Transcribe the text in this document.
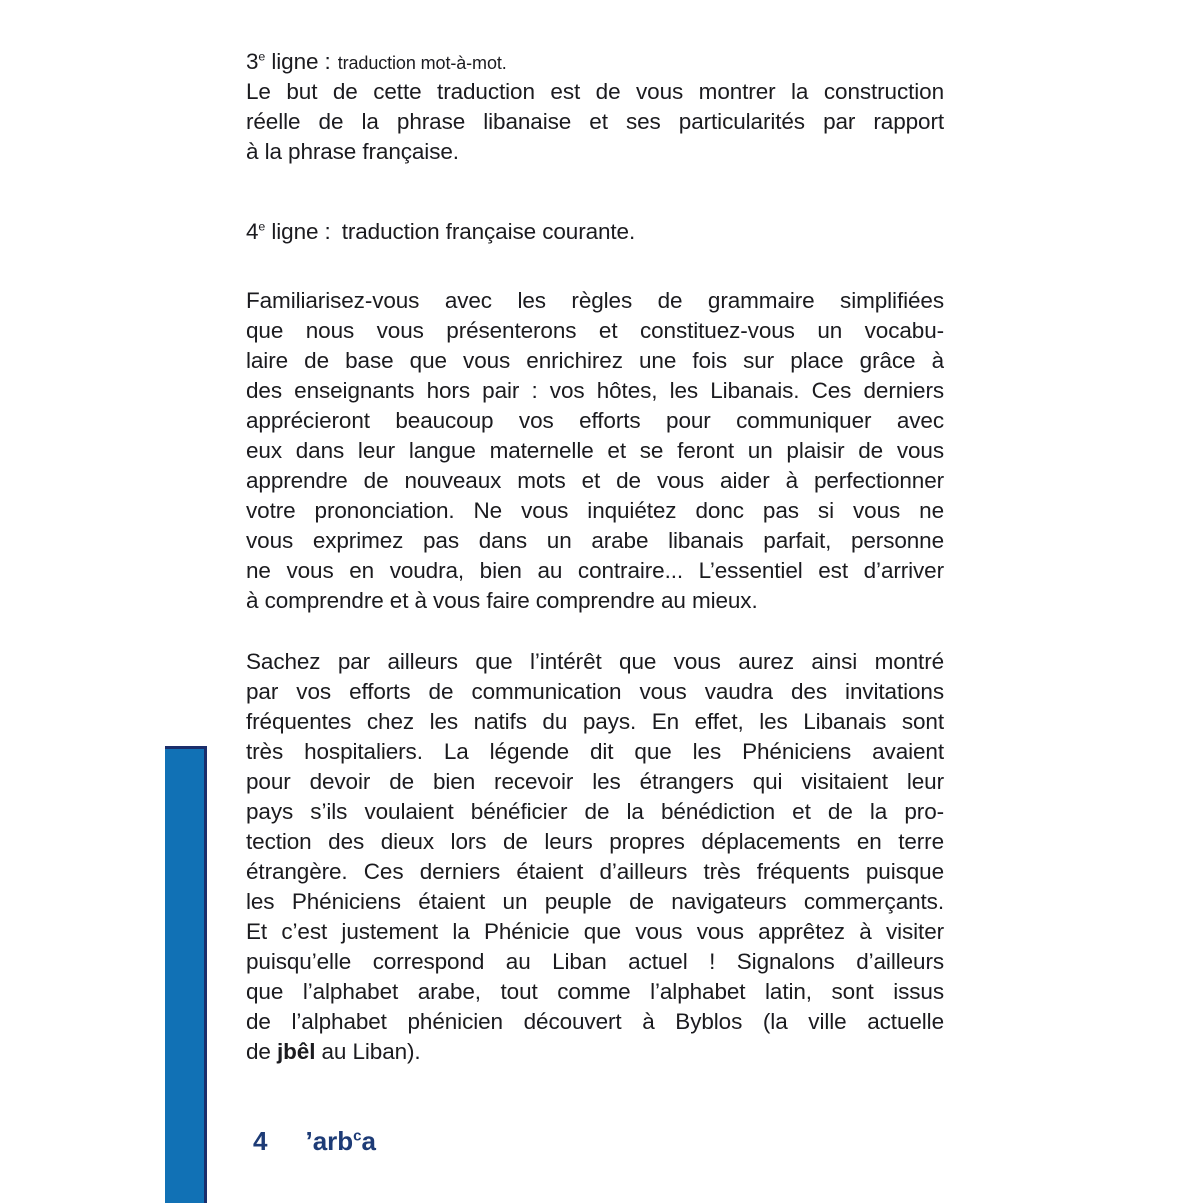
3e ligne : traduction mot-à-mot.
Le but de cette traduction est de vous montrer la construction
réelle de la phrase libanaise et ses particularités par rapport
à la phrase française.
4e ligne : traduction française courante.
Familiarisez-vous avec les règles de grammaire simplifiées
que nous vous présenterons et constituez-vous un vocabu-
laire de base que vous enrichirez une fois sur place grâce à
des enseignants hors pair : vos hôtes, les Libanais. Ces derniers
apprécieront beaucoup vos efforts pour communiquer avec
eux dans leur langue maternelle et se feront un plaisir de vous
apprendre de nouveaux mots et de vous aider à perfectionner
votre prononciation. Ne vous inquiétez donc pas si vous ne
vous exprimez pas dans un arabe libanais parfait, personne
ne vous en voudra, bien au contraire... L’essentiel est d’arriver
à comprendre et à vous faire comprendre au mieux.
Sachez par ailleurs que l’intérêt que vous aurez ainsi montré
par vos efforts de communication vous vaudra des invitations
fréquentes chez les natifs du pays. En effet, les Libanais sont
très hospitaliers. La légende dit que les Phéniciens avaient
pour devoir de bien recevoir les étrangers qui visitaient leur
pays s’ils voulaient bénéficier de la bénédiction et de la pro-
tection des dieux lors de leurs propres déplacements en terre
étrangère. Ces derniers étaient d’ailleurs très fréquents puisque
les Phéniciens étaient un peuple de navigateurs commerçants.
Et c’est justement la Phénicie que vous vous apprêtez à visiter
puisqu’elle correspond au Liban actuel ! Signalons d’ailleurs
que l’alphabet arabe, tout comme l’alphabet latin, sont issus
de l’alphabet phénicien découvert à Byblos (la ville actuelle
de jbêl au Liban).
4 ’arb$^c$a
